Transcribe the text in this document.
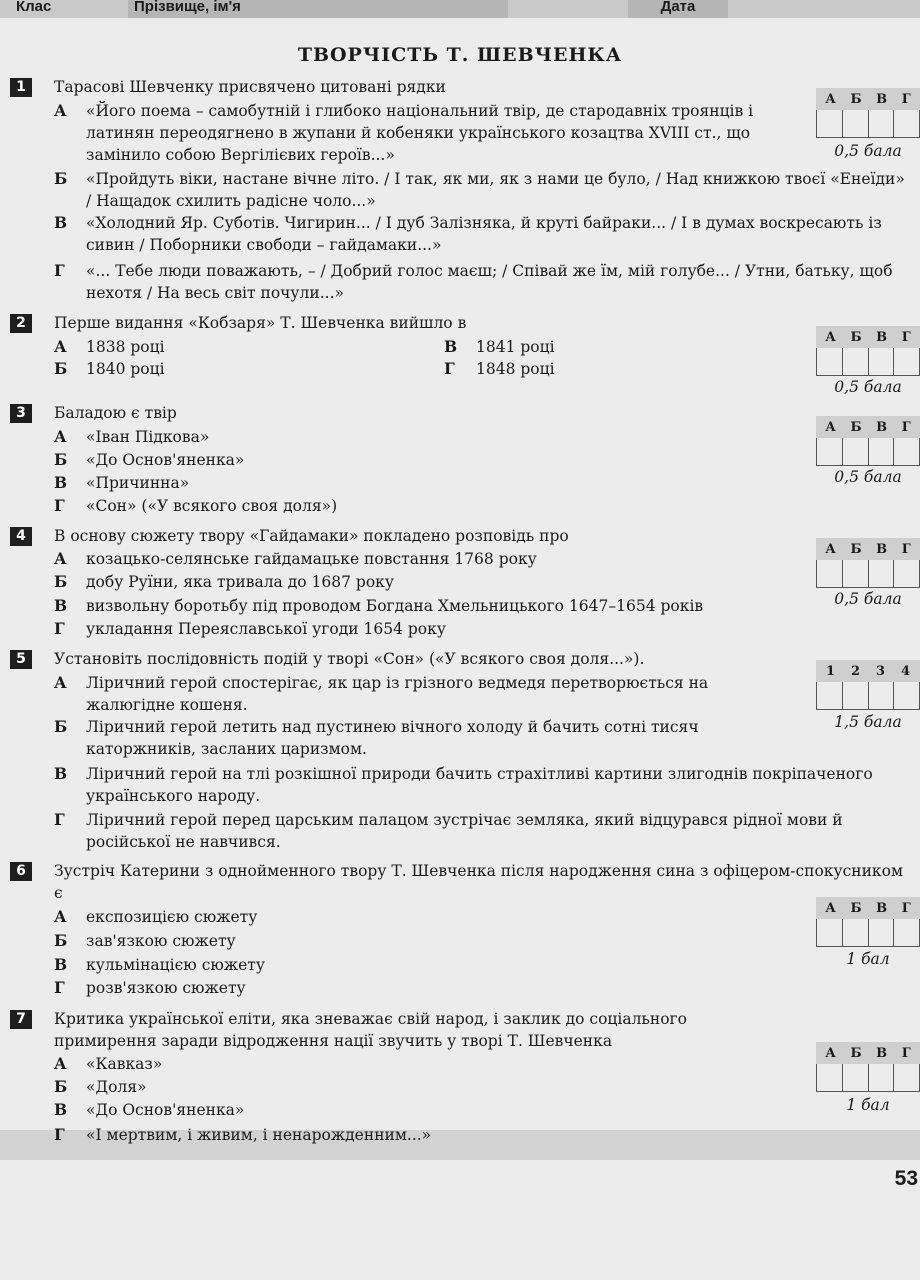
Клас	Прізвище, ім'я	Дата
ТВОРЧІСТЬ Т. ШЕВЧЕНКА
1	Тарасові Шевченку присвячено цитовані рядки
А	«Його поема – самобутній і глибоко національний твір, де стародавніх троянців і латинян переодягнено в жупани й кобеняки українського козацтва XVIII ст., що замінило собою Вергілієвих героїв...»
Б	«Пройдуть віки, настане вічне літо. / І так, як ми, як з нами це було, / Над книжкою твоєї «Енеїди» / Нащадок схилить радісне чоло...»
В	«Холодний Яр. Суботів. Чигирин... / І дуб Залізняка, й круті байраки... / І в думах воскресають із сивин / Поборники свободи – гайдамаки...»
Г	«... Тебе люди поважають, – / Добрий голос маєш; / Співай же їм, мій голубе... / Утни, батьку, щоб нехотя / На весь світ почули...»
А Б В Г
0,5 бала
2	Перше видання «Кобзаря» Т. Шевченка вийшло в
А	1838 році
Б	1840 році
В	1841 році
Г	1848 році
А Б В Г
0,5 бала
3	Баладою є твір
А	«Іван Підкова»
Б	«До Основ'яненка»
В	«Причинна»
Г	«Сон» («У всякого своя доля»)
А Б В Г
0,5 бала
4	В основу сюжету твору «Гайдамаки» покладено розповідь про
А	козацько-селянське гайдамацьке повстання 1768 року
Б	добу Руїни, яка тривала до 1687 року
В	визвольну боротьбу під проводом Богдана Хмельницького 1647–1654 років
Г	укладання Переяславської угоди 1654 року
А Б В Г
0,5 бала
5	Установіть послідовність подій у творі «Сон» («У всякого своя доля...»).
А	Ліричний герой спостерігає, як цар із грізного ведмедя перетворюється на жалюгідне кошеня.
Б	Ліричний герой летить над пустинею вічного холоду й бачить сотні тисяч каторжників, засланих царизмом.
В	Ліричний герой на тлі розкішної природи бачить страхітливі картини злигоднів покріпаченого українського народу.
Г	Ліричний герой перед царським палацом зустрічає земляка, який відцурався рідної мови й російської не навчився.
1 2 3 4
1,5 бала
6	Зустріч Катерини з однойменного твору Т. Шевченка після народження сина з офіцером-спокусником є
А	експозицією сюжету
Б	зав'язкою сюжету
В	кульмінацією сюжету
Г	розв'язкою сюжету
А Б В Г
1 бал
7	Критика української еліти, яка зневажає свій народ, і заклик до соціального примирення заради відродження нації звучить у творі Т. Шевченка
А	«Кавказ»
Б	«Доля»
В	«До Основ'яненка»
Г	«І мертвим, і живим, і ненарожденним...»
А Б В Г
1 бал
53
